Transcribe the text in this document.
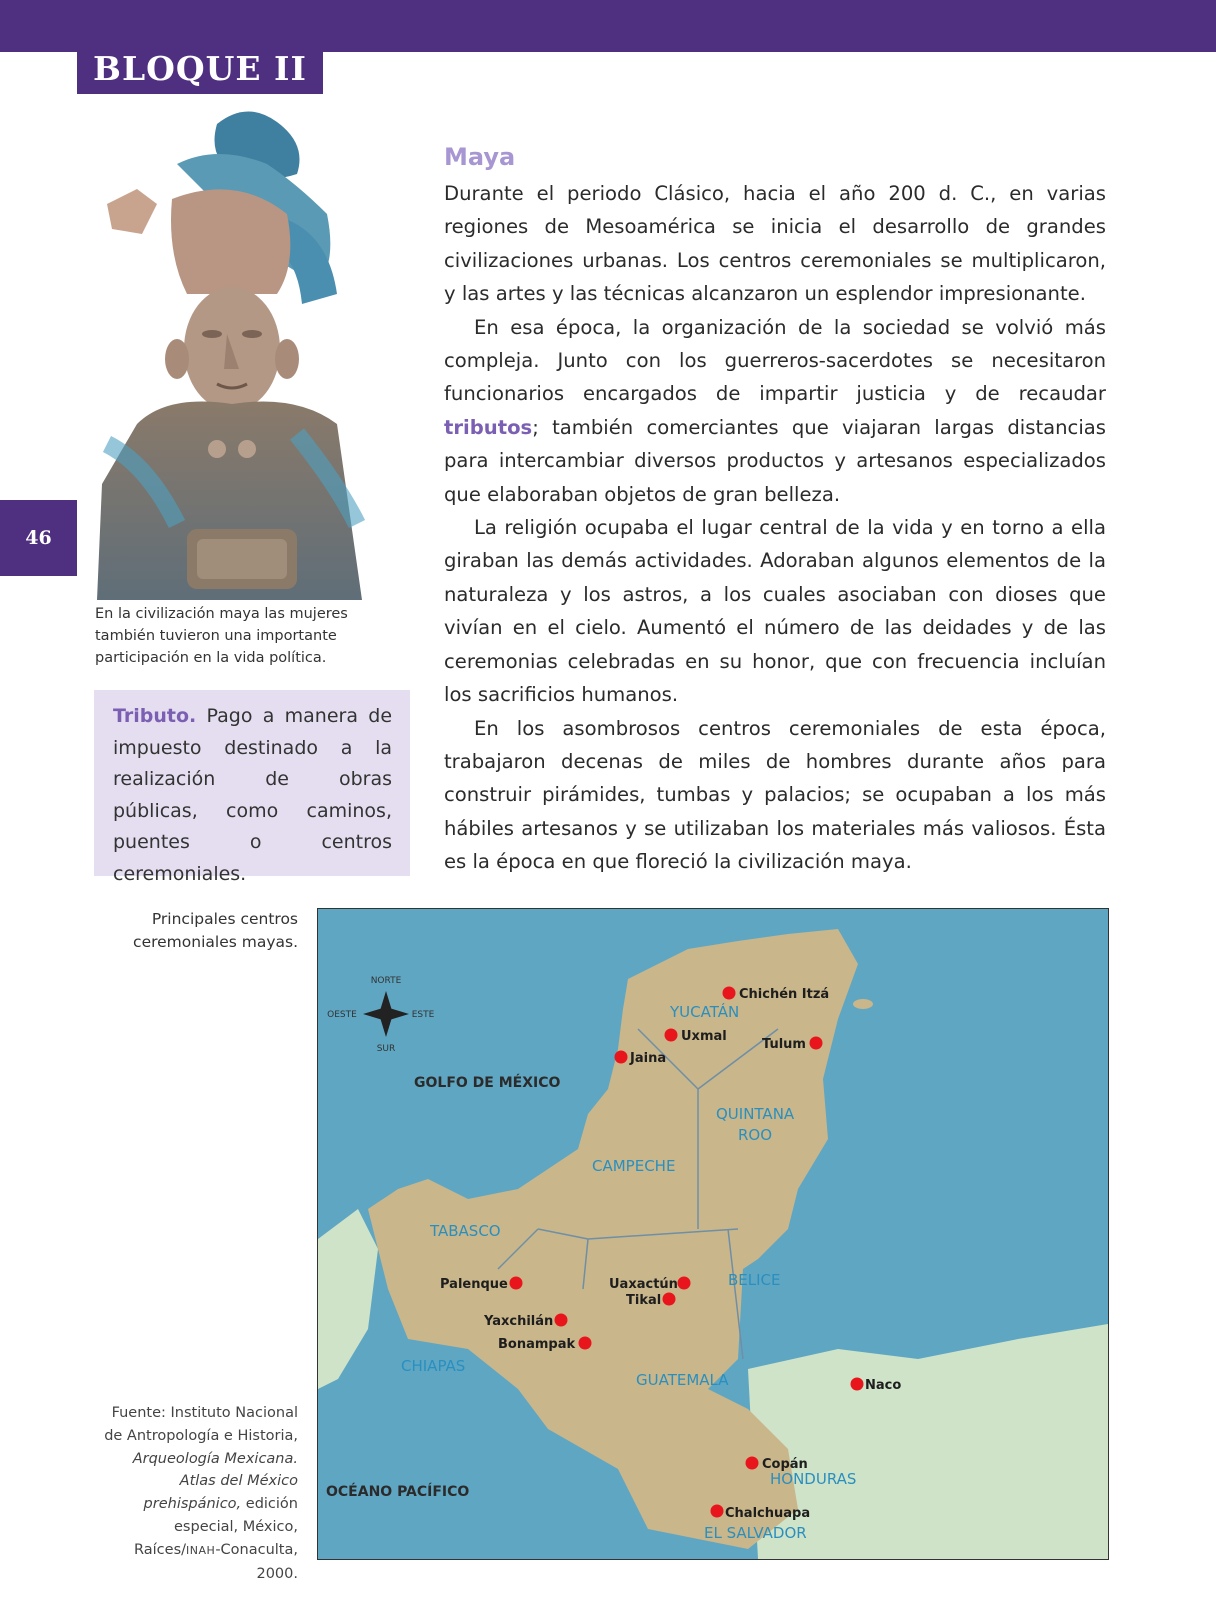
BLOQUE II
46
En la civilización maya las mujeres también tuvieron una importante participación en la vida política.
Tributo. Pago a manera de impuesto destinado a la realización de obras públicas, como caminos, puentes o centros ceremoniales.
Maya

Durante el periodo Clásico, hacia el año 200 d. C., en varias regiones de Mesoamérica se inicia el desarrollo de grandes civilizaciones urbanas. Los centros ceremoniales se multiplicaron, y las artes y las técnicas alcanzaron un esplendor impresionante.

En esa época, la organización de la sociedad se volvió más compleja. Junto con los guerreros-sacerdotes se necesitaron funcionarios encargados de impartir justicia y de recaudar tributos; también comerciantes que viajaran largas distancias para intercambiar diversos productos y artesanos especializados que elaboraban objetos de gran belleza.

La religión ocupaba el lugar central de la vida y en torno a ella giraban las demás actividades. Adoraban algunos elementos de la naturaleza y los astros, a los cuales asociaban con dioses que vivían en el cielo. Aumentó el número de las deidades y de las ceremonias celebradas en su honor, que con frecuencia incluían los sacrificios humanos.

En los asombrosos centros ceremoniales de esta época, trabajaron decenas de miles de hombres durante años para construir pirámides, tumbas y palacios; se ocupaban a los más hábiles artesanos y se utilizaban los materiales más valiosos. Ésta es la época en que floreció la civilización maya.

Principales centros ceremoniales mayas.
Fuente: Instituto Nacional de Antropología e Historia, Arqueología Mexicana. Atlas del México prehispánico, edición especial, México, Raíces/INAH-Conaculta, 2000.
NORTE
SUR
ESTE
OESTE
GOLFO DE MÉXICO
OCÉANO PACÍFICO
YUCATÁN
QUINTANA
ROO
CAMPECHE
TABASCO
CHIAPAS
BELICE
GUATEMALA
HONDURAS
EL SALVADOR
Chichén Itzá
Uxmal
Tulum
Jaina
Palenque	Uaxactún
Tikal
Yaxchilán
Bonampak
Naco
Copán
Chalchuapa
